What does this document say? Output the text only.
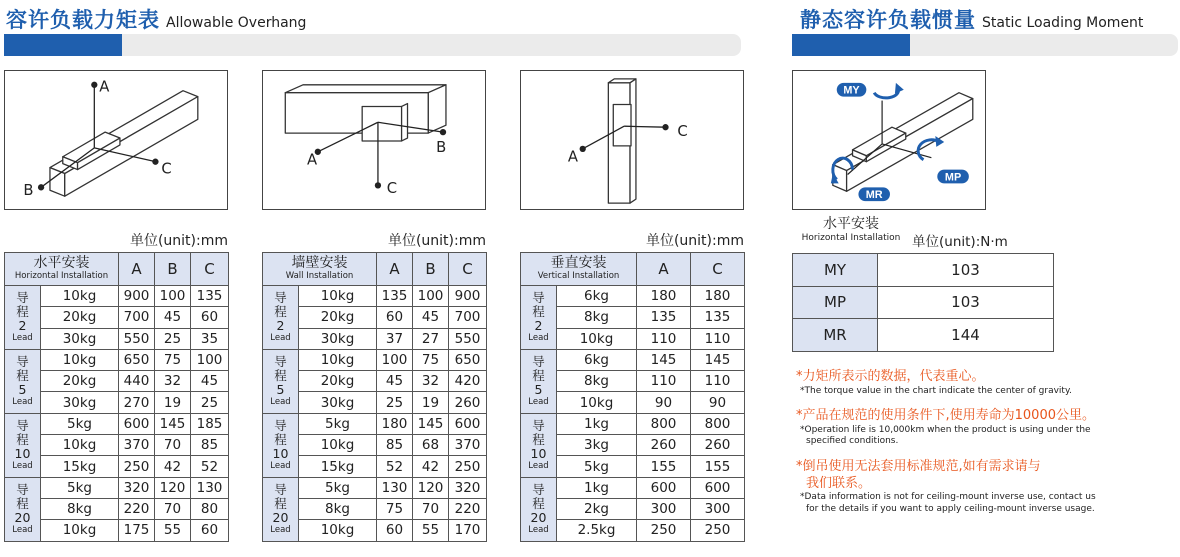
容许负载力矩表 Allowable Overhang	静态容许负载惯量 Static Loading Moment
A
B
C
A
B
C
A
C
MY
MP
MR
单位(unit):mm	单位(unit):mm	单位(unit):mm
水平安装
Horizontal Installation		A	B	C

导
程
2
Lead	10kg	900	100	135
	20kg	700	45	60
	30kg	550	25	35

导
程
5
Lead	10kg	650	75	100
	20kg	440	32	45
	30kg	270	19	25

导
程
10
Lead	5kg	600	145	185
	10kg	370	70	85
	15kg	250	42	52

导
程
20
Lead	5kg	320	120	130
	8kg	220	70	80
	10kg	175	55	60
墙壁安装
Wall Installation		A	B	C

导
程
2
Lead	10kg	135	100	900
	20kg	60	45	700
	30kg	37	27	550

导
程
5
Lead	10kg	100	75	650
	20kg	45	32	420
	30kg	25	19	260

导
程
10
Lead	5kg	180	145	600
	10kg	85	68	370
	15kg	52	42	250

导
程
20
Lead	5kg	130	120	320
	8kg	75	70	220
	10kg	60	55	170
垂直安装
Vertical Installation		A	C

导
程
2
Lead	6kg	180	180
	8kg	135	135
	10kg	110	110

导
程
5
Lead	6kg	145	145
	8kg	110	110
	10kg	90	90

导
程
10
Lead	1kg	800	800
	3kg	260	260
	5kg	155	155

导
程
20
Lead	1kg	600	600
	2kg	300	300
	2.5kg	250	250
水平安装
Horizontal Installation 单位(unit):N·m
MY	103
MP	103
MR	144
*力矩所表示的数据，代表重心。
*The torque value in the chart indicate the center of gravity.
*产品在规范的使用条件下,使用寿命为10000公里。
*Operation life is 10,000km when the product is using under the
specified conditions.
*倒吊使用无法套用标准规范,如有需求请与
我们联系。
*Data information is not for ceiling-mount inverse use, contact us
for the details if you want to apply ceiling-mount inverse usage.
